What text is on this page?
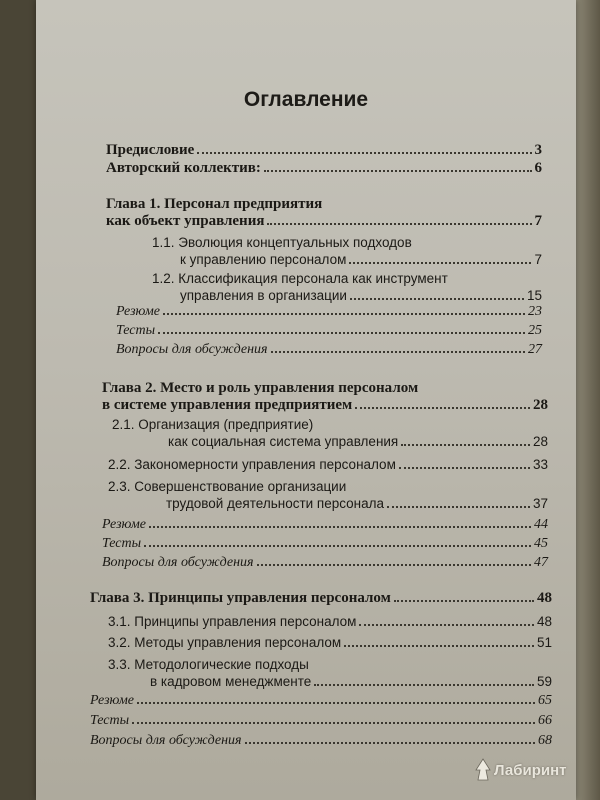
Оглавление
Предисловие	3
Авторский коллектив:	6
Глава 1. Персонал предприятия
как объект управления	7
1.1. Эволюция концептуальных подходов
к управлению персоналом	7
1.2. Классификация персонала как инструмент
управления в организации	15
Резюме	23
Тесты	25
Вопросы для обсуждения	27
Глава 2. Место и роль управления персоналом
в системе управления предприятием	28
2.1. Организация (предприятие)
как социальная система управления	28
2.2. Закономерности управления персоналом	33
2.3. Совершенствование организации
трудовой деятельности персонала	37
Резюме	44
Тесты	45
Вопросы для обсуждения	47
Глава 3. Принципы управления персоналом	48
3.1. Принципы управления персоналом	48
3.2. Методы управления персоналом	51
3.3. Методологические подходы
в кадровом менеджменте	59
Резюме	65
Тесты	66
Вопросы для обсуждения	68
Лабиринт
